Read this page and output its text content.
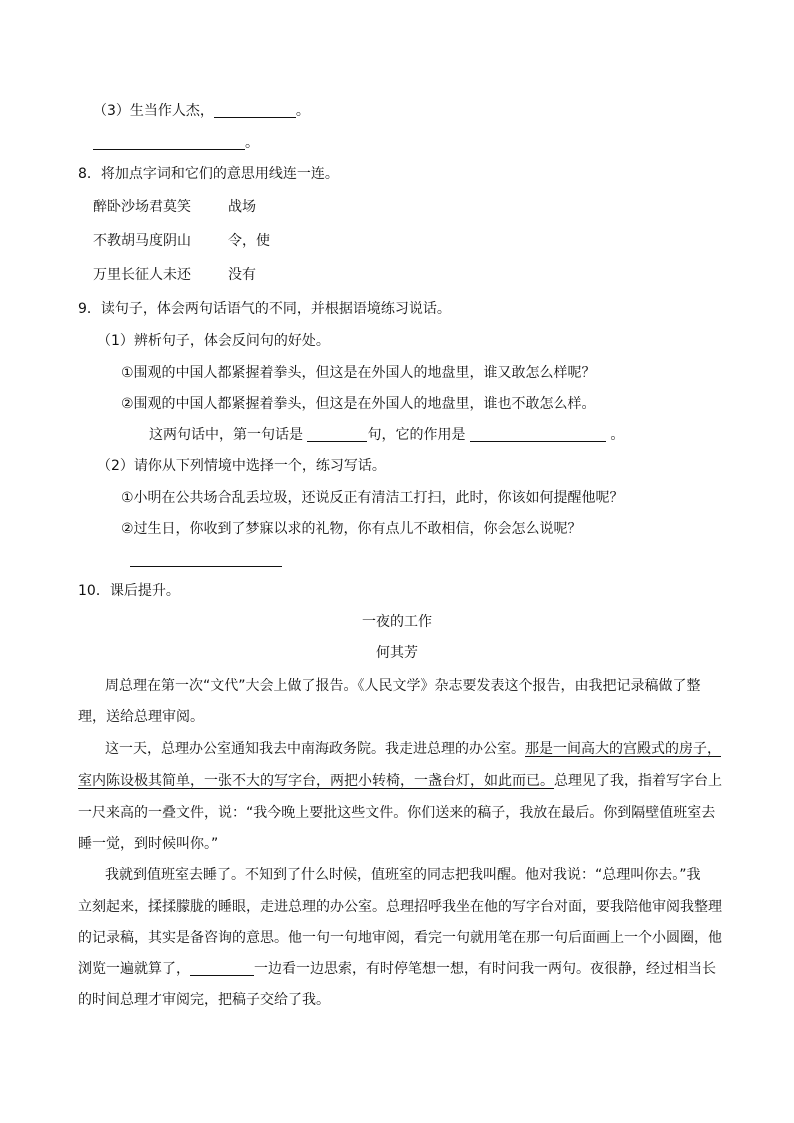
（3）生当作人杰，	。
。
8．将加点字词和它们的意思用线连一连。
醉卧沙场君莫笑	战场
不教胡马度阴山	令，使
万里长征人未还	没有
9．读句子，体会两句话语气的不同，并根据语境练习说话。
（1）辨析句子，体会反问句的好处。
①围观的中国人都紧握着拳头，但这是在外国人的地盘里，谁又敢怎么样呢？
②围观的中国人都紧握着拳头，但这是在外国人的地盘里，谁也不敢怎么样。
这两句话中，第一句话是	句，它的作用是	。
（2）请你从下列情境中选择一个，练习写话。
①小明在公共场合乱丢垃圾，还说反正有清洁工打扫，此时，你该如何提醒他呢？
②过生日，你收到了梦寐以求的礼物，你有点儿不敢相信，你会怎么说呢？
10．课后提升。
一夜的工作
何其芳
周总理在第一次“文代”大会上做了报告。《人民文学》杂志要发表这个报告，由我把记录稿做了整
理，送给总理审阅。
这一天，总理办公室通知我去中南海政务院。我走进总理的办公室。那是一间高大的宫殿式的房子，
室内陈设极其简单，一张不大的写字台，两把小转椅，一盏台灯，如此而已。总理见了我，指着写字台上
一尺来高的一叠文件，说：“我今晚上要批这些文件。你们送来的稿子，我放在最后。你到隔壁值班室去
睡一觉，到时候叫你。”
我就到值班室去睡了。不知到了什么时候，值班室的同志把我叫醒。他对我说：“总理叫你去。”我
立刻起来，揉揉朦胧的睡眼，走进总理的办公室。总理招呼我坐在他的写字台对面，要我陪他审阅我整理
的记录稿，其实是备咨询的意思。他一句一句地审阅，看完一句就用笔在那一句后面画上一个小圆圈，他
浏览一遍就算了，	一边看一边思索，有时停笔想一想，有时问我一两句。夜很静，经过相当长
的时间总理才审阅完，把稿子交给了我。
